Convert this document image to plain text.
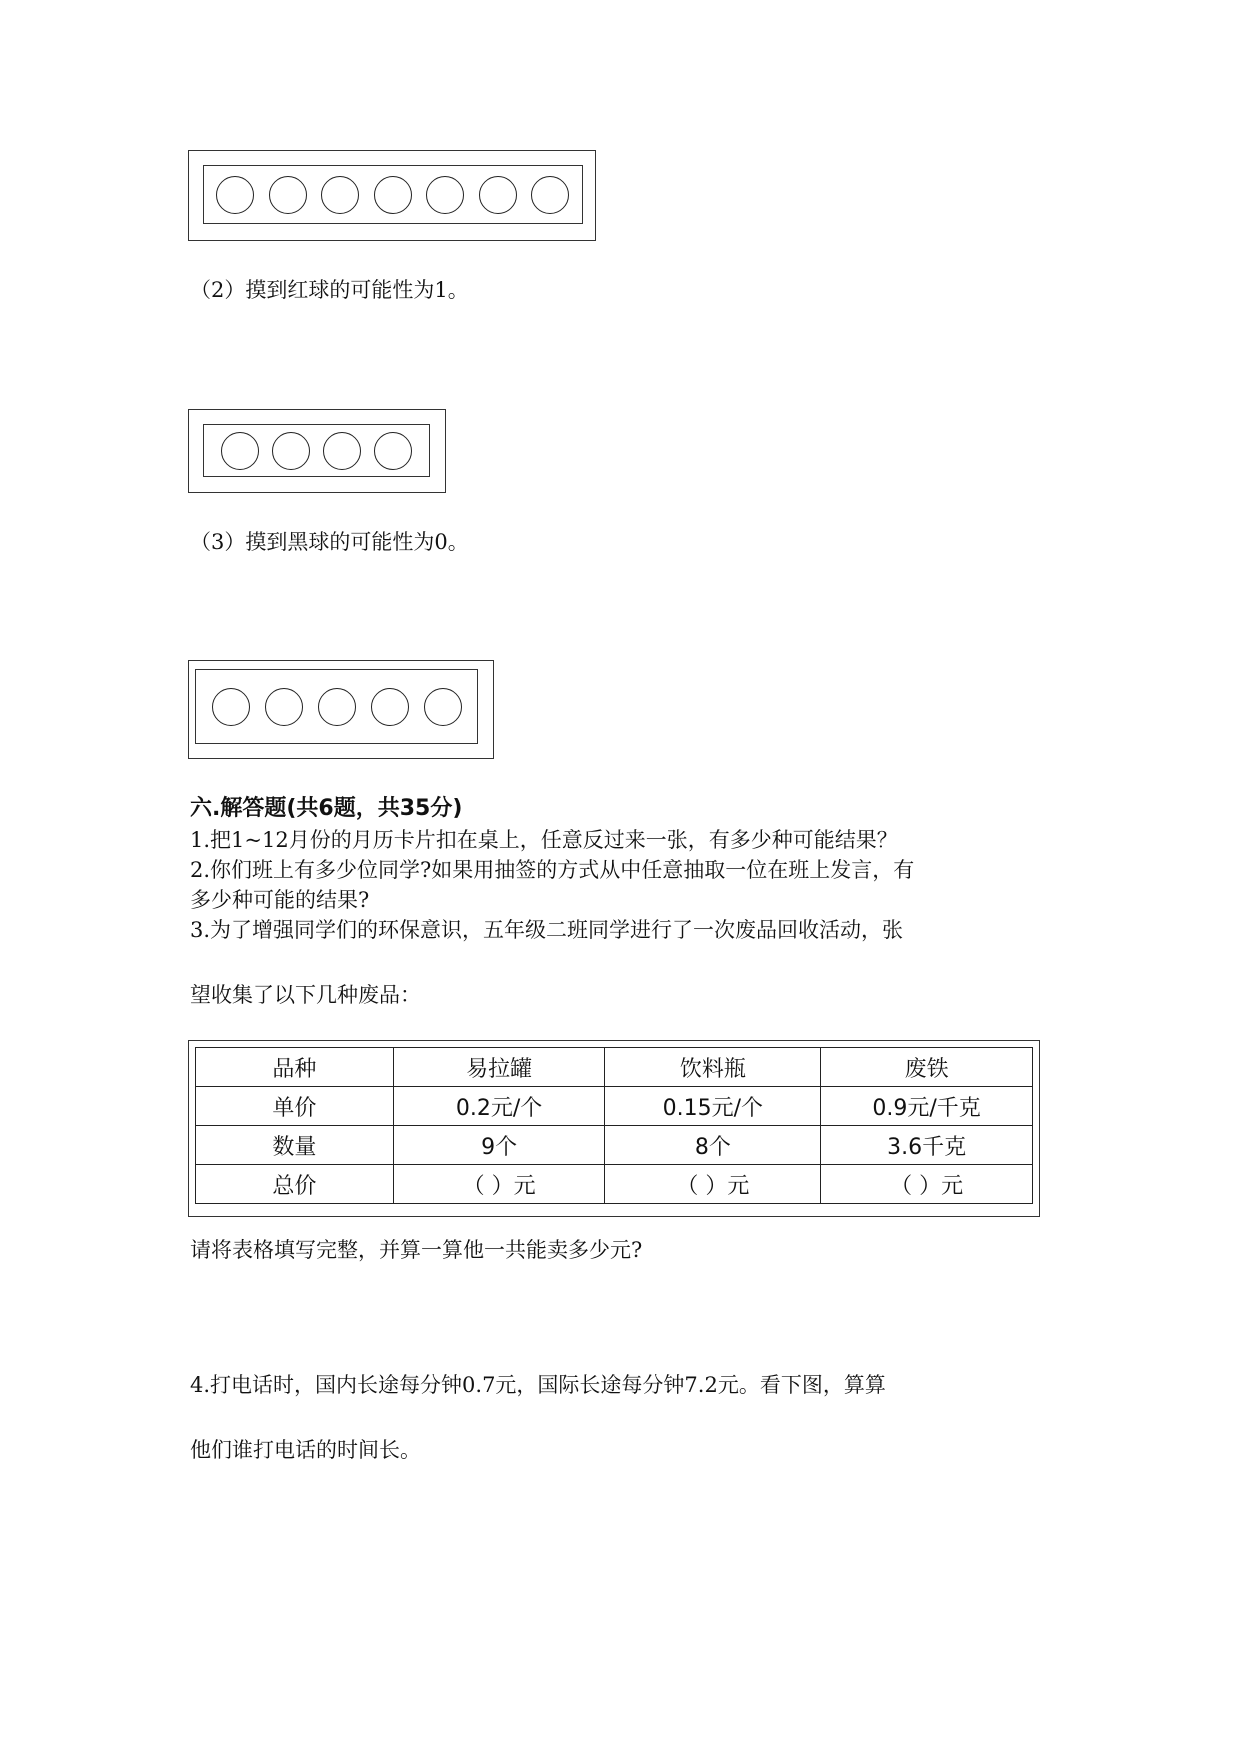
（2）摸到红球的可能性为1。
（3）摸到黑球的可能性为0。
六.解答题(共6题，共35分)
1.把1~12月份的月历卡片扣在桌上，任意反过来一张，有多少种可能结果？
2.你们班上有多少位同学?如果用抽签的方式从中任意抽取一位在班上发言，有
多少种可能的结果?
3.为了增强同学们的环保意识，五年级二班同学进行了一次废品回收活动，张
望收集了以下几种废品：
品种	易拉罐	饮料瓶	废铁
单价	0.2元/个	0.15元/个	0.9元/千克
数量	9个	8个	3.6千克
总价	（ ）元	（ ）元	（ ）元
请将表格填写完整，并算一算他一共能卖多少元?
4.打电话时，国内长途每分钟0.7元，国际长途每分钟7.2元。看下图，算算
他们谁打电话的时间长。
